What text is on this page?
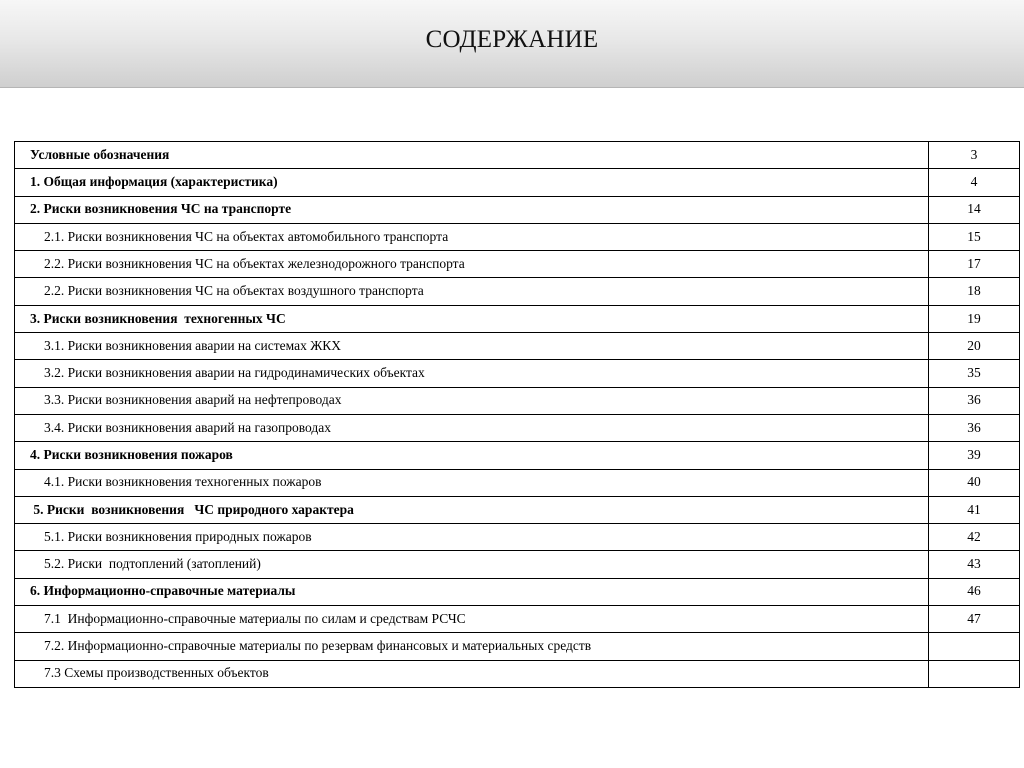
СОДЕРЖАНИЕ
Условные обозначения	3
1. Общая информация (характеристика)	4
2. Риски возникновения ЧС на транспорте	14
2.1. Риски возникновения ЧС на объектах автомобильного транспорта	15
2.2. Риски возникновения ЧС на объектах железнодорожного транспорта	17
2.2. Риски возникновения ЧС на объектах воздушного транспорта	18
3. Риски возникновения  техногенных ЧС	19
3.1. Риски возникновения аварии на системах ЖКХ	20
3.2. Риски возникновения аварии на гидродинамических объектах	35
3.3. Риски возникновения аварий на нефтепроводах	36
3.4. Риски возникновения аварий на газопроводах	36
4. Риски возникновения пожаров	39
4.1. Риски возникновения техногенных пожаров	40
5. Риски  возникновения   ЧС природного характера	41
5.1. Риски возникновения природных пожаров	42
5.2. Риски  подтоплений (затоплений)	43
6. Информационно-справочные материалы	46
7.1  Информационно-справочные материалы по силам и средствам РСЧС	47
7.2. Информационно-справочные материалы по резервам финансовых и материальных средств	
7.3 Схемы производственных объектов	
